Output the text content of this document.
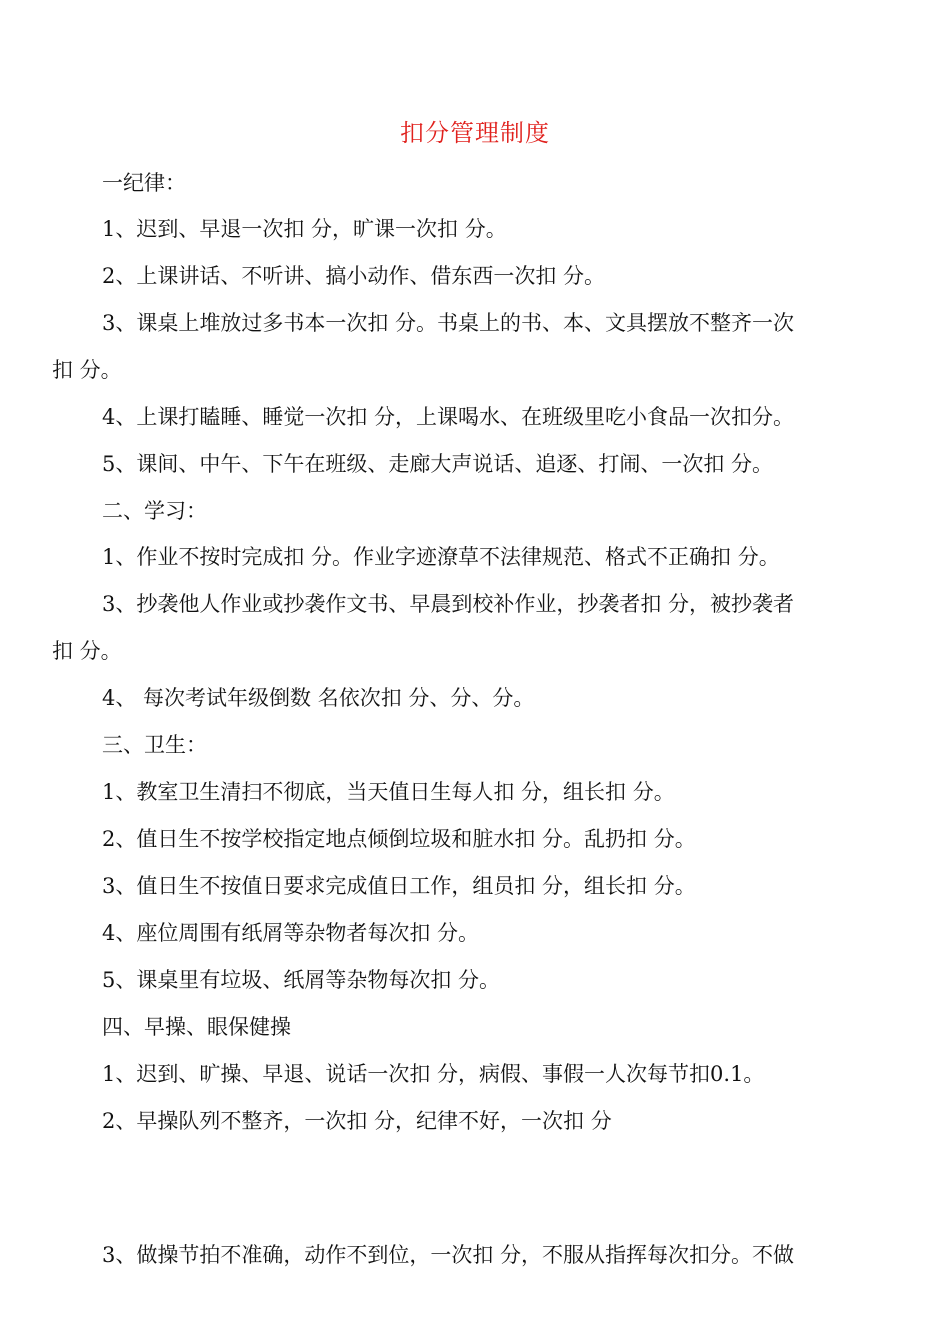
扣分管理制度
一纪律：
1、迟到、早退一次扣 分，旷课一次扣 分。
2、上课讲话、不听讲、搞小动作、借东西一次扣 分。
3、课桌上堆放过多书本一次扣 分。书桌上的书、本、文具摆放不整齐一次
扣 分。
4、上课打瞌睡、睡觉一次扣 分，上课喝水、在班级里吃小食品一次扣分。
5、课间、中午、下午在班级、走廊大声说话、追逐、打闹、一次扣 分。
二、学习：
1、作业不按时完成扣 分。作业字迹潦草不法律规范、格式不正确扣 分。
3、抄袭他人作业或抄袭作文书、早晨到校补作业，抄袭者扣 分，被抄袭者
扣 分。
4、 每次考试年级倒数 名依次扣 分、分、分。
三、卫生：
1、教室卫生清扫不彻底，当天值日生每人扣 分，组长扣 分。
2、值日生不按学校指定地点倾倒垃圾和脏水扣 分。乱扔扣 分。
3、值日生不按值日要求完成值日工作，组员扣 分，组长扣 分。
4、座位周围有纸屑等杂物者每次扣 分。
5、课桌里有垃圾、纸屑等杂物每次扣 分。
四、早操、眼保健操
1、迟到、旷操、早退、说话一次扣 分，病假、事假一人次每节扣0.1。
2、早操队列不整齐，一次扣 分，纪律不好，一次扣 分
3、做操节拍不准确，动作不到位，一次扣 分，不服从指挥每次扣分。不做
